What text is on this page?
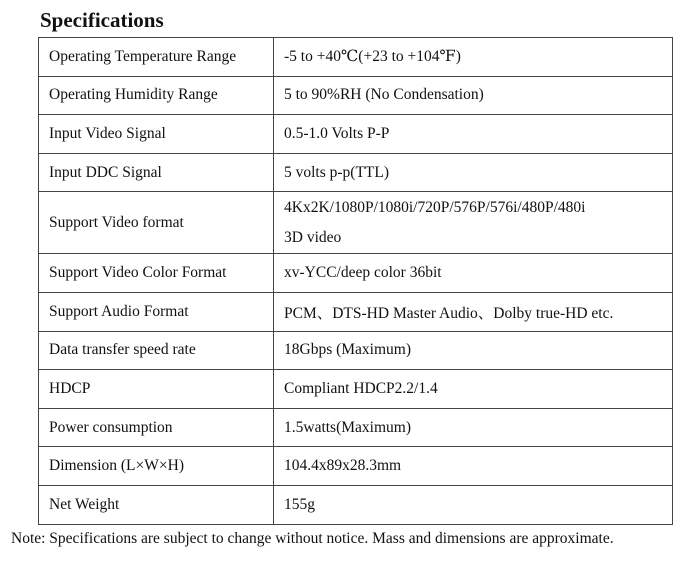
Specifications
Operating Temperature Range	-5 to +40℃(+23 to +104℉)
Operating Humidity Range	5 to 90%RH (No Condensation)
Input Video Signal	0.5-1.0 Volts P-P
Input DDC Signal	5 volts p-p(TTL)
Support Video format	4Kx2K/1080P/1080i/720P/576P/576i/480P/480i
3D video

Support Video Color Format	xv-YCC/deep color 36bit
Support Audio Format	PCM、DTS-HD Master Audio、Dolby true-HD etc.
Data transfer speed rate	18Gbps (Maximum)
HDCP	Compliant HDCP2.2/1.4
Power consumption	1.5watts(Maximum)
Dimension (L×W×H)	104.4x89x28.3mm
Net Weight	155g
Note: Specifications are subject to change without notice. Mass and dimensions are approximate.
